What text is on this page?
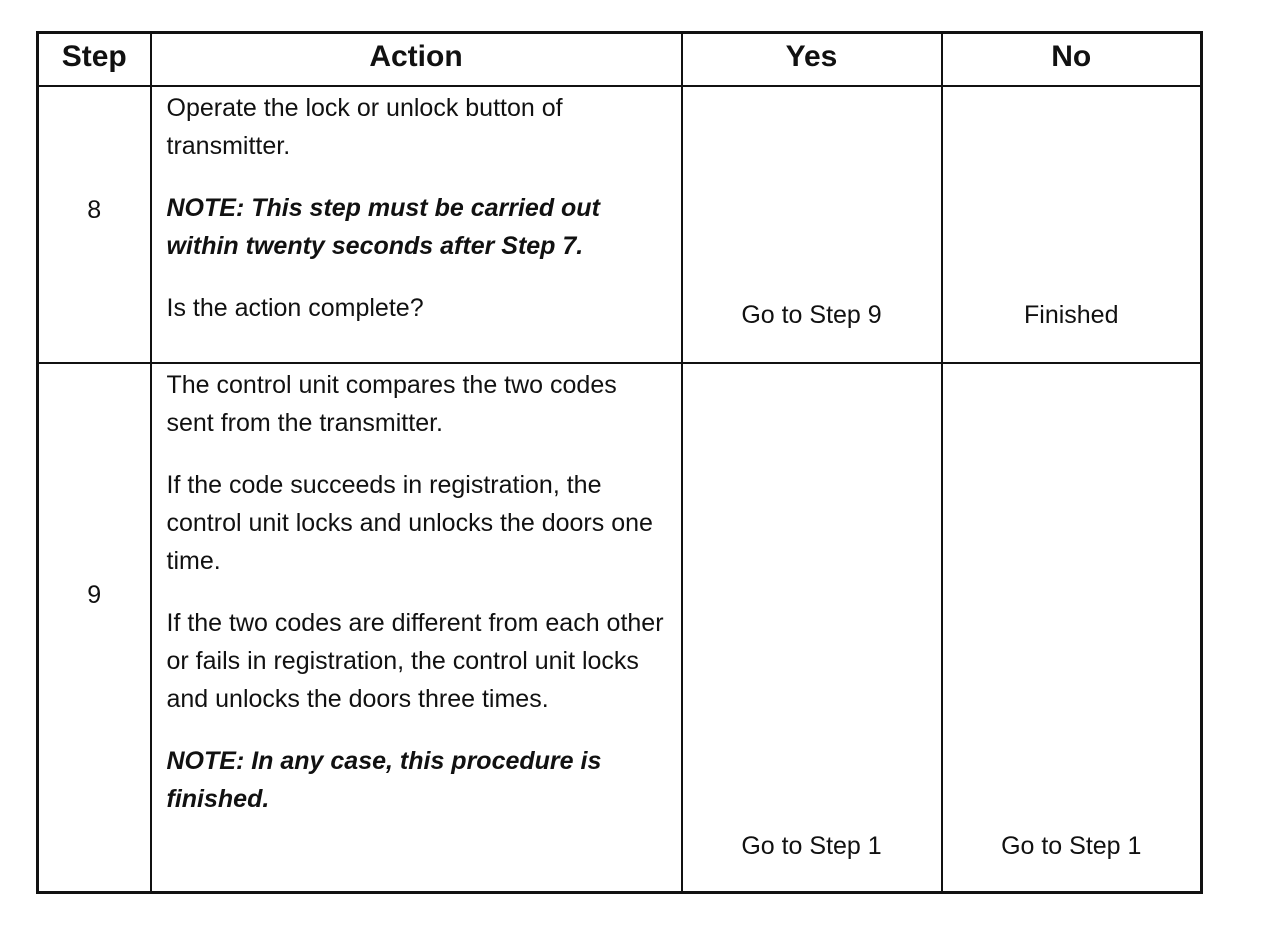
Step	Action	Yes	No

8	Operate the lock or unlock button of transmitter.

NOTE: This step must be carried out within twenty seconds after Step 7.

Is the action complete?	Go to Step 9	Finished

9	The control unit compares the two codes sent from the transmitter.

If the code succeeds in registration, the control unit locks and unlocks the doors one time.

If the two codes are different from each other or fails in registration, the control unit locks and unlocks the doors three times.

NOTE: In any case, this procedure is finished.	Go to Step 1	Go to Step 1
